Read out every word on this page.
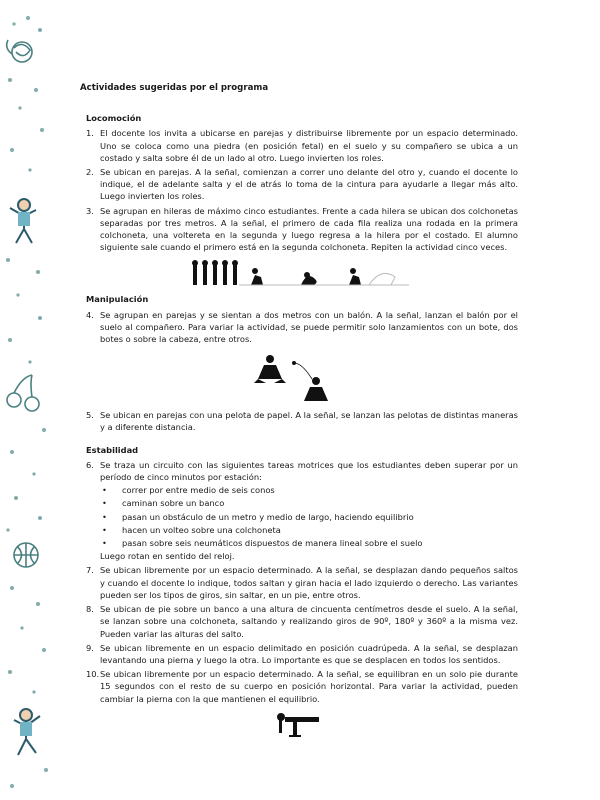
Actividades sugeridas por el programa
Locomoción
1. El docente los invita a ubicarse en parejas y distribuirse libremente por un espacio determinado. Uno se coloca como una piedra (en posición fetal) en el suelo y su compañero se ubica a un costado y salta sobre él de un lado al otro. Luego invierten los roles.
2. Se ubican en parejas. A la señal, comienzan a correr uno delante del otro y, cuando el docente lo indique, el de adelante salta y el de atrás lo toma de la cintura para ayudarle a llegar más alto. Luego invierten los roles.
3. Se agrupan en hileras de máximo cinco estudiantes. Frente a cada hilera se ubican dos colchonetas separadas por tres metros. A la señal, el primero de cada fila realiza una rodada en la primera colchoneta, una voltereta en la segunda y luego regresa a la hilera por el costado. El alumno siguiente sale cuando el primero está en la segunda colchoneta. Repiten la actividad cinco veces.
Manipulación
4. Se agrupan en parejas y se sientan a dos metros con un balón. A la señal, lanzan el balón por el suelo al compañero. Para variar la actividad, se puede permitir solo lanzamientos con un bote, dos botes o sobre la cabeza, entre otros.
5. Se ubican en parejas con una pelota de papel. A la señal, se lanzan las pelotas de distintas maneras y a diferente distancia.
Estabilidad
6. Se traza un circuito con las siguientes tareas motrices que los estudiantes deben superar por un período de cinco minutos por estación:
•	correr por entre medio de seis conos
•	caminan sobre un banco
•	pasan un obstáculo de un metro y medio de largo, haciendo equilibrio
•	hacen un volteo sobre una colchoneta
•	pasan sobre seis neumáticos dispuestos de manera lineal sobre el suelo
Luego rotan en sentido del reloj.
7. Se ubican libremente por un espacio determinado. A la señal, se desplazan dando pequeños saltos y cuando el docente lo indique, todos saltan y giran hacia el lado izquierdo o derecho. Las variantes pueden ser los tipos de giros, sin saltar, en un pie, entre otros.
8. Se ubican de pie sobre un banco a una altura de cincuenta centímetros desde el suelo. A la señal, se lanzan sobre una colchoneta, saltando y realizando giros de 90º, 180º y 360º a la misma vez. Pueden variar las alturas del salto.
9. Se ubican libremente en un espacio delimitado en posición cuadrúpeda. A la señal, se desplazan levantando una pierna y luego la otra. Lo importante es que se desplacen en todos los sentidos.
10. Se ubican libremente por un espacio determinado. A la señal, se equilibran en un solo pie durante 15 segundos con el resto de su cuerpo en posición horizontal. Para variar la actividad, pueden cambiar la pierna con la que mantienen el equilibrio.
